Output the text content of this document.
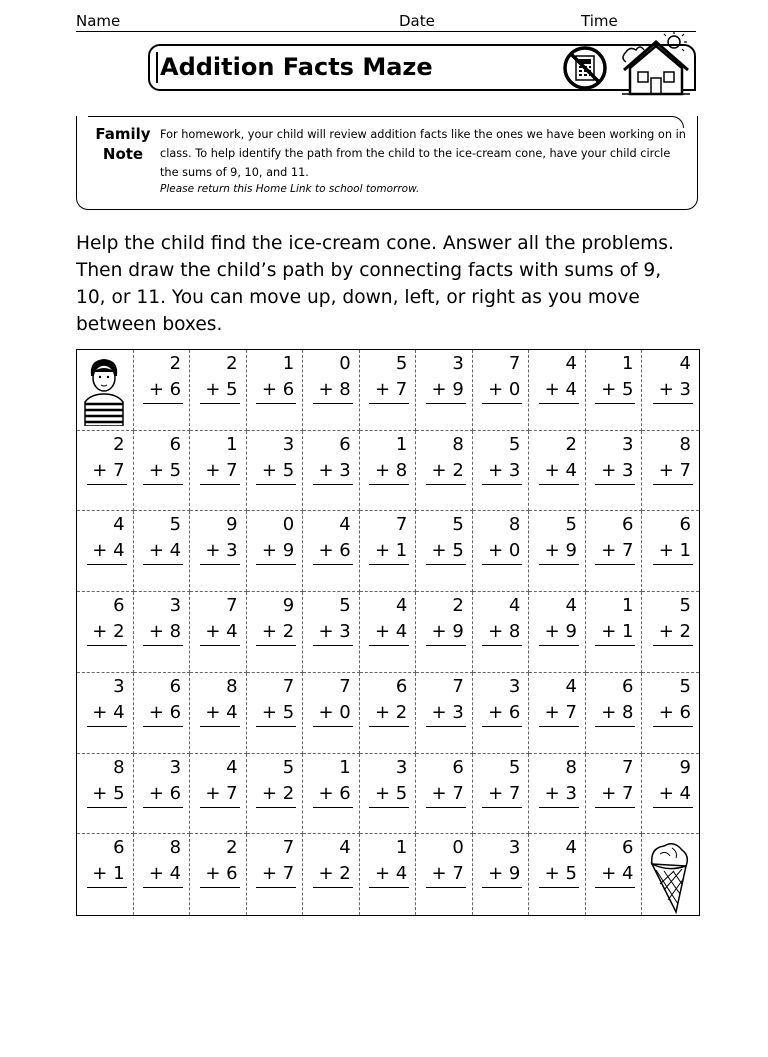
Name	Date	Time
Addition Facts Maze
Family
Note
For homework, your child will review addition facts like the ones we have been working on in class. To help identify the path from the child to the ice-cream cone, have your child circle the sums of 9, 10, and 11.
Please return this Home Link to school tomorrow.
Help the child find the ice-cream cone. Answer all the problems. Then draw the child’s path by connecting facts with sums of 9, 10, or 11. You can move up, down, left, or right as you move between boxes.
2
+ 6
2
+ 5
1
+ 6
0
+ 8
5
+ 7
3
+ 9
7
+ 0
4
+ 4
1
+ 5
4
+ 3
2
+ 7
6
+ 5
1
+ 7
3
+ 5
6
+ 3
1
+ 8
8
+ 2
5
+ 3
2
+ 4
3
+ 3
8
+ 7
4
+ 4
5
+ 4
9
+ 3
0
+ 9
4
+ 6
7
+ 1
5
+ 5
8
+ 0
5
+ 9
6
+ 7
6
+ 1
6
+ 2
3
+ 8
7
+ 4
9
+ 2
5
+ 3
4
+ 4
2
+ 9
4
+ 8
4
+ 9
1
+ 1
5
+ 2
3
+ 4
6
+ 6
8
+ 4
7
+ 5
7
+ 0
6
+ 2
7
+ 3
3
+ 6
4
+ 7
6
+ 8
5
+ 6
8
+ 5
3
+ 6
4
+ 7
5
+ 2
1
+ 6
3
+ 5
6
+ 7
5
+ 7
8
+ 3
7
+ 7
9
+ 4
6
+ 1
8
+ 4
2
+ 6
7
+ 7
4
+ 2
1
+ 4
0
+ 7
3
+ 9
4
+ 5
6
+ 4
